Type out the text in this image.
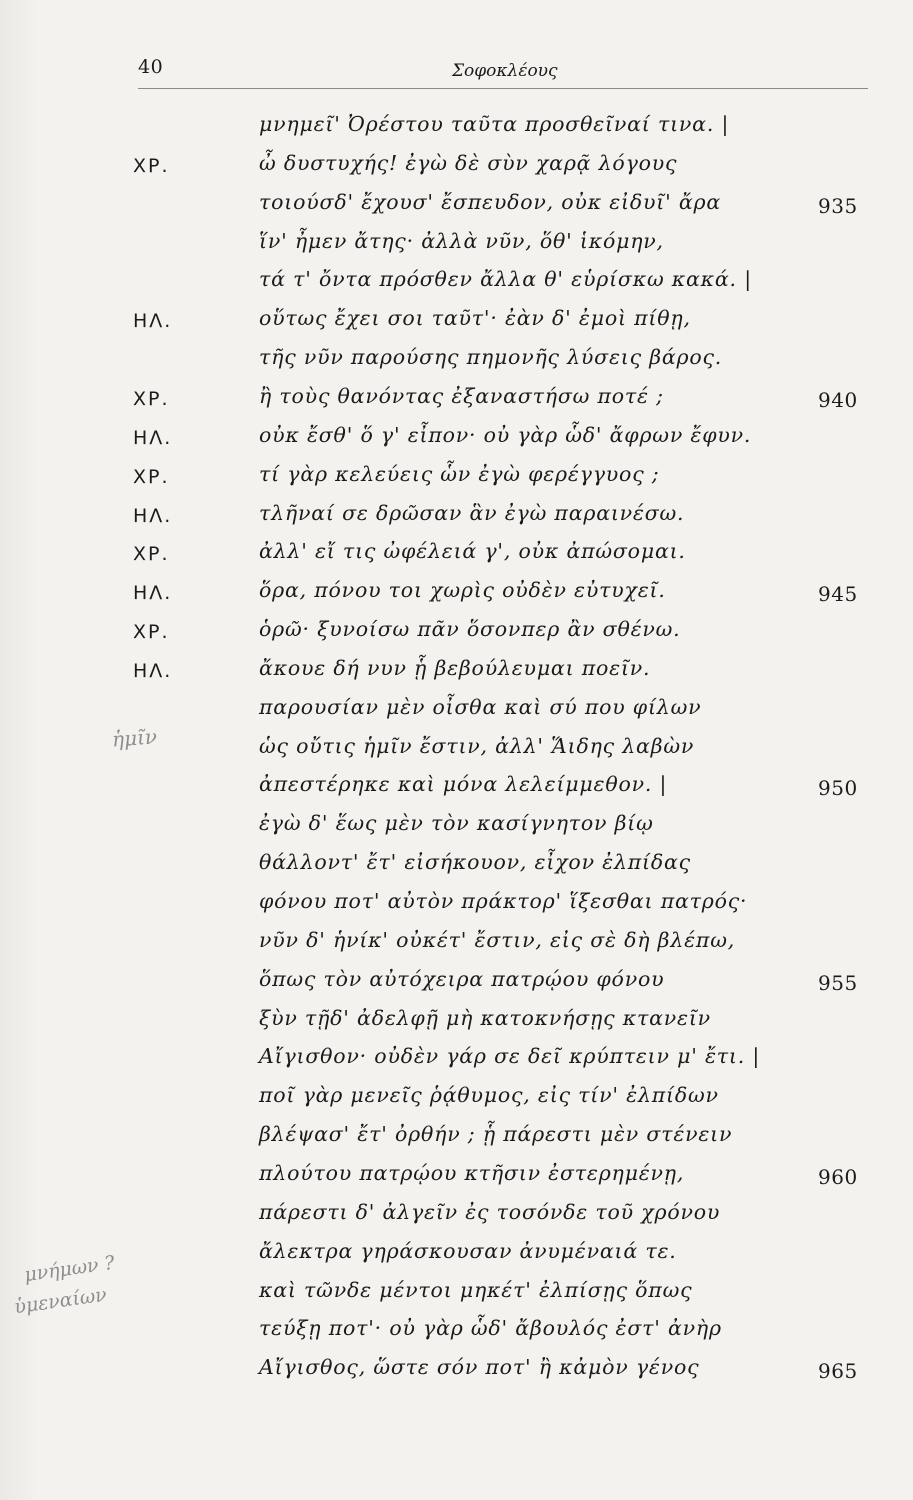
40	Σοφοκλέους
μνημεῖ' Ὀρέστου ταῦτα προσθεῖναί τινα. |
ΧΡ.	ὦ δυστυχής! ἐγὼ δὲ σὺν χαρᾷ λόγους
τοιούσδ' ἔχουσ' ἔσπευδον, οὐκ εἰδυῖ' ἄρα	935
ἵν' ἦμεν ἄτης· ἀλλὰ νῦν, ὅθ' ἱκόμην,
τά τ' ὄντα πρόσθεν ἄλλα θ' εὑρίσκω κακά. |
ΗΛ.	οὕτως ἔχει σοι ταῦτ'· ἐὰν δ' ἐμοὶ πίθῃ,
τῆς νῦν παρούσης πημονῆς λύσεις βάρος.
ΧΡ.	ἢ τοὺς θανόντας ἐξαναστήσω ποτέ ;	940
ΗΛ.	οὐκ ἔσθ' ὅ γ' εἶπον· οὐ γὰρ ὧδ' ἄφρων ἔφυν.
ΧΡ.	τί γὰρ κελεύεις ὧν ἐγὼ φερέγγυος ;
ΗΛ.	τλῆναί σε δρῶσαν ἃν ἐγὼ παραινέσω.
ΧΡ.	ἀλλ' εἴ τις ὠφέλειά γ', οὐκ ἀπώσομαι.
ΗΛ.	ὅρα, πόνου τοι χωρὶς οὐδὲν εὐτυχεῖ.	945
ΧΡ.	ὁρῶ· ξυνοίσω πᾶν ὅσονπερ ἂν σθένω.
ΗΛ.	ἄκουε δή νυν ᾗ βεβούλευμαι ποεῖν.
παρουσίαν μὲν οἶσθα καὶ σύ που φίλων
ὡς οὔτις ἡμῖν ἔστιν, ἀλλ' Ἅιδης λαβὼν
ἀπεστέρηκε καὶ μόνα λελείμμεθον. |	950
ἐγὼ δ' ἕως μὲν τὸν κασίγνητον βίῳ
θάλλοντ' ἔτ' εἰσήκουον, εἶχον ἐλπίδας
φόνου ποτ' αὐτὸν πράκτορ' ἵξεσθαι πατρός·
νῦν δ' ἡνίκ' οὐκέτ' ἔστιν, εἰς σὲ δὴ βλέπω,
ὅπως τὸν αὐτόχειρα πατρῴου φόνου	955
ξὺν τῇδ' ἀδελφῇ μὴ κατοκνήσῃς κτανεῖν
Αἴγισθον· οὐδὲν γάρ σε δεῖ κρύπτειν μ' ἔτι. |
ποῖ γὰρ μενεῖς ῥᾴθυμος, εἰς τίν' ἐλπίδων
βλέψασ' ἔτ' ὀρθήν ; ᾗ πάρεστι μὲν στένειν
πλούτου πατρῴου κτῆσιν ἐστερημένῃ,	960
πάρεστι δ' ἀλγεῖν ἐς τοσόνδε τοῦ χρόνου
ἄλεκτρα γηράσκουσαν ἀνυμέναιά τε.
καὶ τῶνδε μέντοι μηκέτ' ἐλπίσῃς ὅπως
τεύξῃ ποτ'· οὐ γὰρ ὧδ' ἄβουλός ἐστ' ἀνὴρ
Αἴγισθος, ὥστε σόν ποτ' ἢ κἀμὸν γένος	965
ἡμῖν
μνήμων ?
ὑμεναίων
